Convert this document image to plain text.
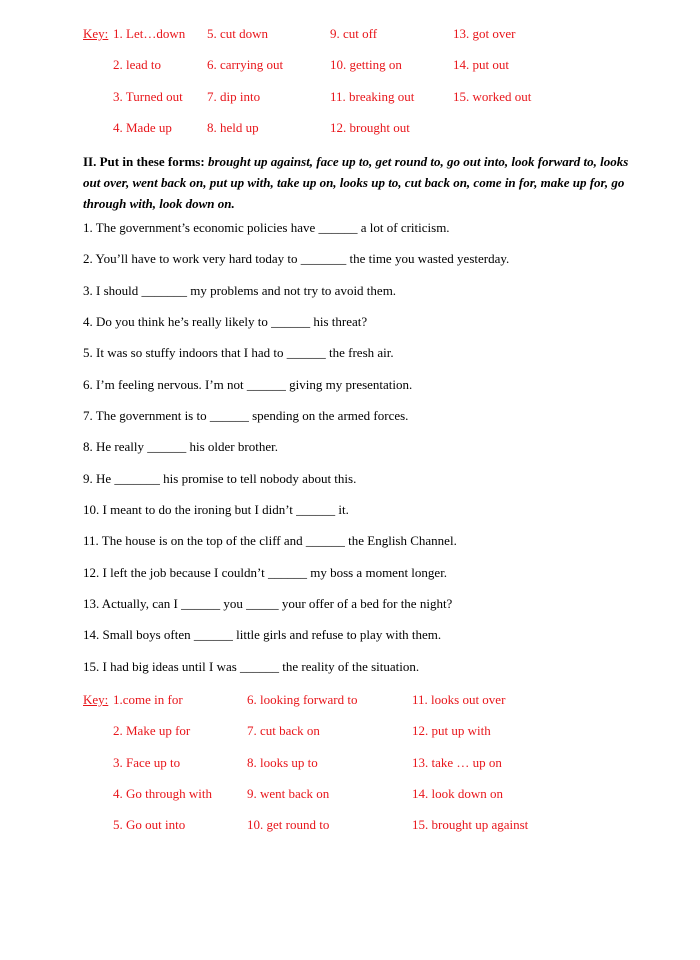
Key: 1. Let…down 5. cut down	9. cut off	13. got over
2. lead to	6. carrying out	10. getting on	14. put out
3. Turned out 7. dip into	11. breaking out	15. worked out
4. Made up	8. held up	12. brought out
II. Put in these forms: brought up against, face up to, get round to, go out into, look forward to, looks out over, went back on, put up with, take up on, looks up to, cut back on, come in for, make up for, go through with, look down on.
1. The government’s economic policies have ______ a lot of criticism.
2. You’ll have to work very hard today to _______ the time you wasted yesterday.
3. I should _______ my problems and not try to avoid them.
4. Do you think he’s really likely to ______ his threat?
5. It was so stuffy indoors that I had to ______ the fresh air.
6. I’m feeling nervous. I’m not ______ giving my presentation.
7. The government is to ______ spending on the armed forces.
8. He really ______ his older brother.
9. He _______ his promise to tell nobody about this.
10. I meant to do the ironing but I didn’t ______ it.
11. The house is on the top of the cliff and ______ the English Channel.
12. I left the job because I couldn’t ______ my boss a moment longer.
13. Actually, can I ______ you _____ your offer of a bed for the night?
14. Small boys often ______ little girls and refuse to play with them.
15. I had big ideas until I was ______ the reality of the situation.
Key: 1.come in for	6. looking forward to	11. looks out over
2. Make up for	7. cut back on	12. put up with
3. Face up to	8. looks up to	13. take … up on
4. Go through with	9. went back on	14. look down on
5. Go out into	10. get round to	15. brought up against
